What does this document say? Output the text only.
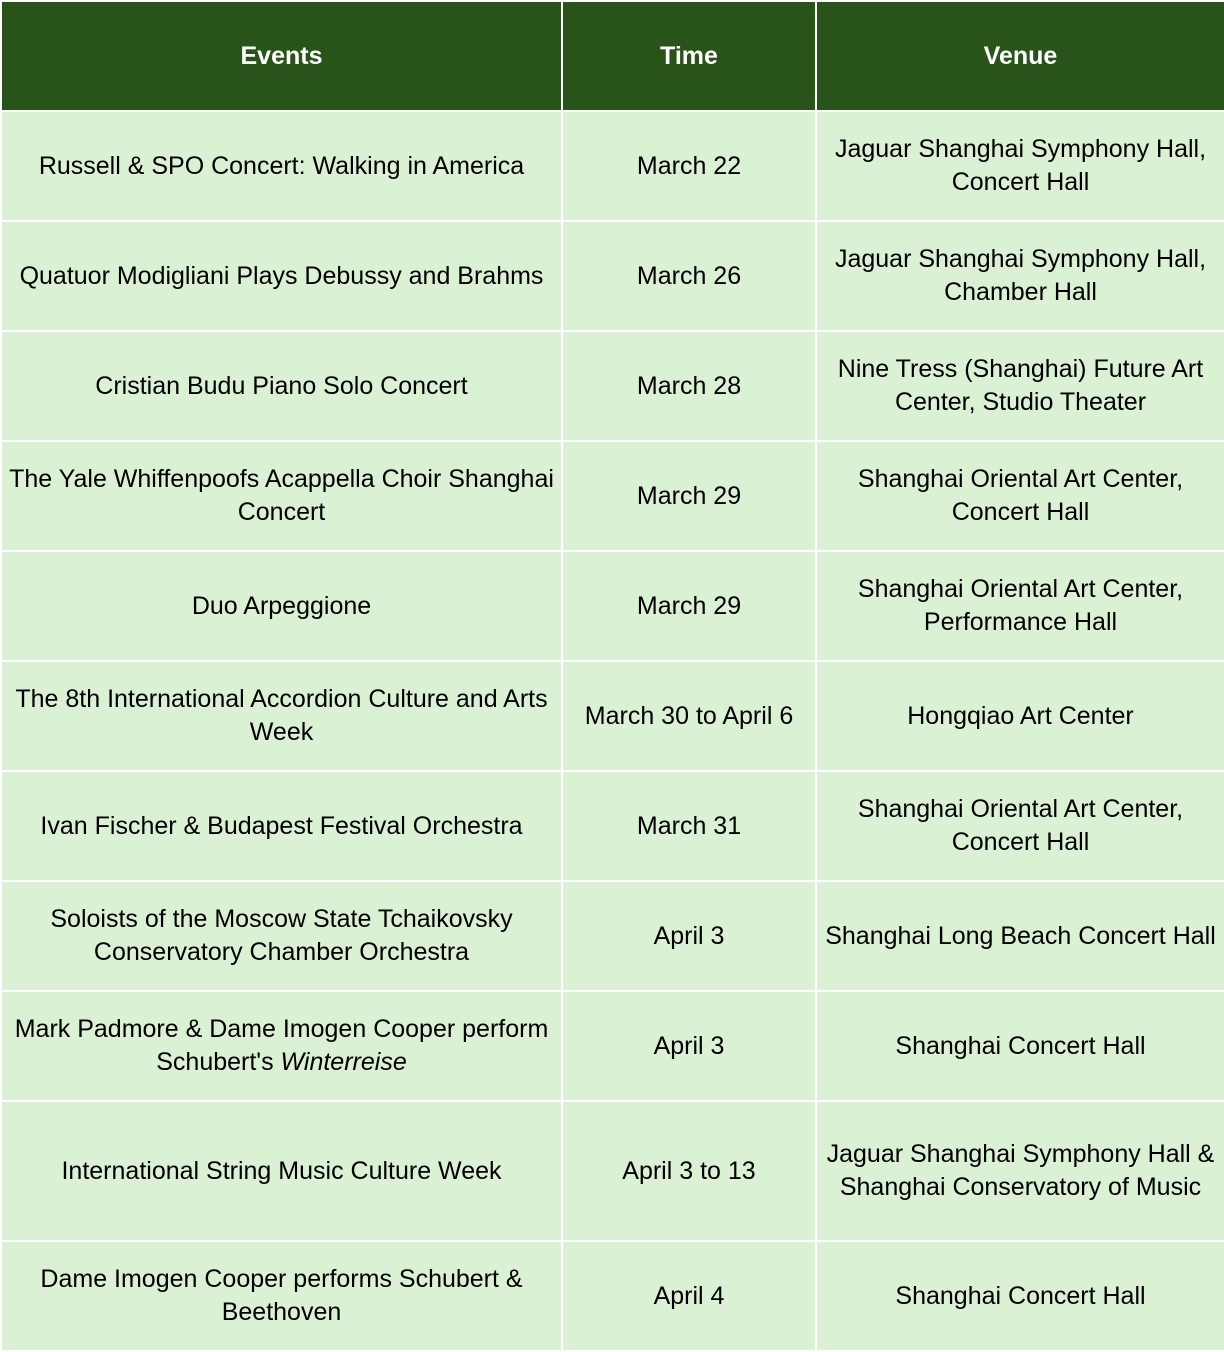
Events	Time	Venue
Russell & SPO Concert: Walking in America	March 22	Jaguar Shanghai Symphony Hall, Concert Hall
Quatuor Modigliani Plays Debussy and Brahms	March 26	Jaguar Shanghai Symphony Hall, Chamber Hall
Cristian Budu Piano Solo Concert	March 28	Nine Tress (Shanghai) Future Art Center, Studio Theater
The Yale Whiffenpoofs Acappella Choir Shanghai Concert	March 29	Shanghai Oriental Art Center, Concert Hall
Duo Arpeggione	March 29	Shanghai Oriental Art Center, Performance Hall
The 8th International Accordion Culture and Arts Week	March 30 to April 6	Hongqiao Art Center
Ivan Fischer & Budapest Festival Orchestra	March 31	Shanghai Oriental Art Center, Concert Hall
Soloists of the Moscow State Tchaikovsky Conservatory Chamber Orchestra	April 3	Shanghai Long Beach Concert Hall
Mark Padmore & Dame Imogen Cooper perform Schubert's Winterreise	April 3	Shanghai Concert Hall
International String Music Culture Week	April 3 to 13	Jaguar Shanghai Symphony Hall & Shanghai Conservatory of Music
Dame Imogen Cooper performs Schubert & Beethoven	April 4	Shanghai Concert Hall
